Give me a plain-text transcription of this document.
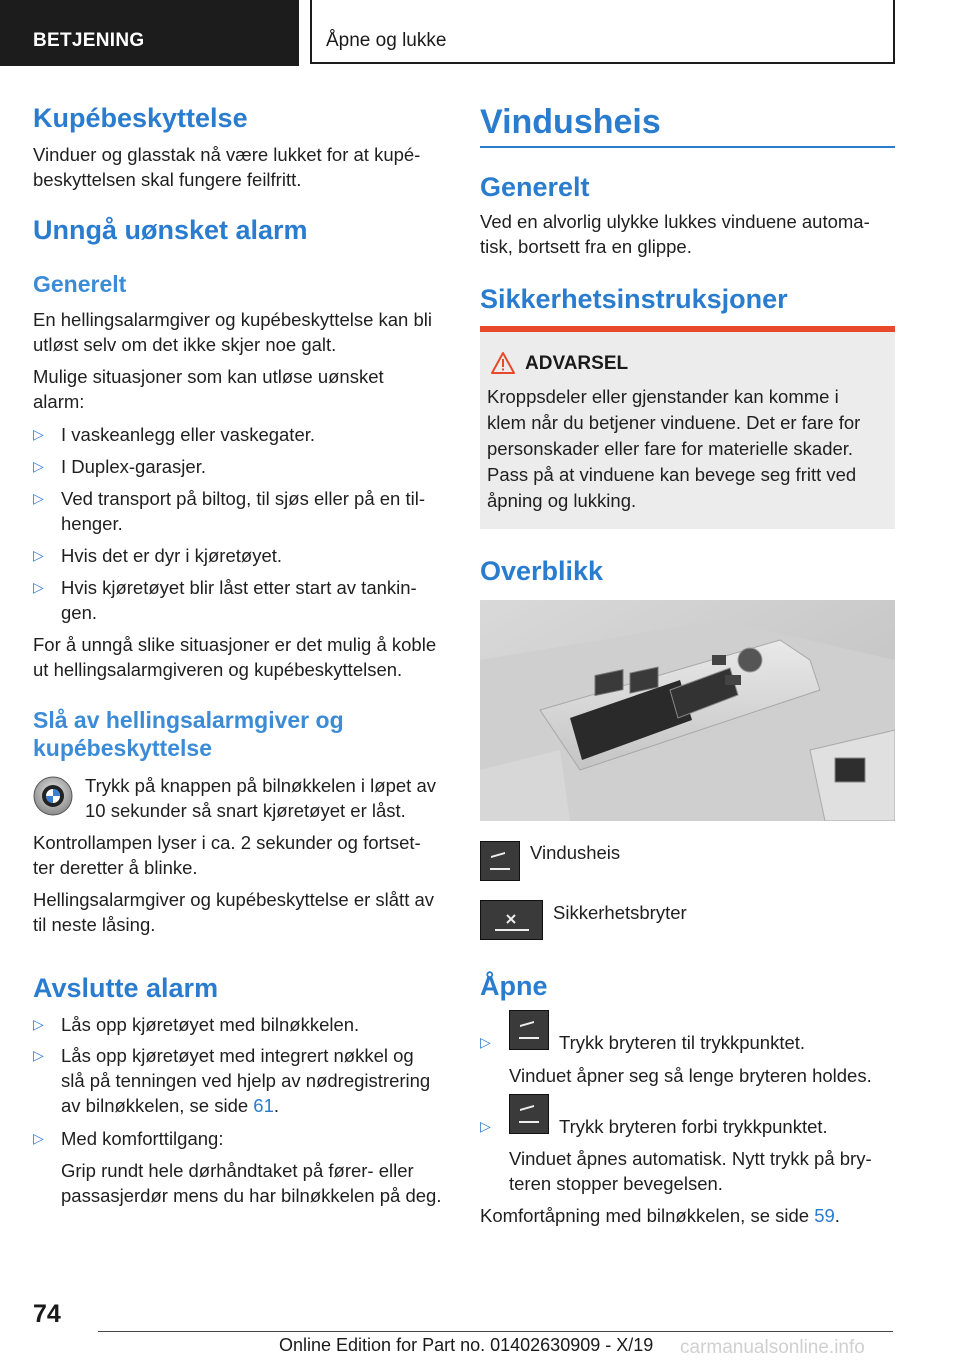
BETJENING	Åpne og lukke
Kupébeskyttelse
Vinduer og glasstak nå være lukket for at kupé-
beskyttelsen skal fungere feilfritt.
Unngå uønsket alarm
Generelt
En hellingsalarmgiver og kupébeskyttelse kan bli
utløst selv om det ikke skjer noe galt.
Mulige situasjoner som kan utløse uønsket
alarm:
▷ I vaskeanlegg eller vaskegater.
▷ I Duplex-garasjer.
▷ Ved transport på biltog, til sjøs eller på en til-
henger.
▷ Hvis det er dyr i kjøretøyet.
▷ Hvis kjøretøyet blir låst etter start av tankin-
gen.
For å unngå slike situasjoner er det mulig å koble
ut hellingsalarmgiveren og kupébeskyttelsen.
Slå av hellingsalarmgiver og
kupébeskyttelse
Trykk på knappen på bilnøkkelen i løpet av
10 sekunder så snart kjøretøyet er låst.
Kontrollampen lyser i ca. 2 sekunder og fortset-
ter deretter å blinke.
Hellingsalarmgiver og kupébeskyttelse er slått av
til neste låsing.
Avslutte alarm
▷ Lås opp kjøretøyet med bilnøkkelen.
▷ Lås opp kjøretøyet med integrert nøkkel og
slå på tenningen ved hjelp av nødregistrering
av bilnøkkelen, se side 61.
▷ Med komforttilgang:
Grip rundt hele dørhåndtaket på fører- eller
passasjerdør mens du har bilnøkkelen på deg.
Vindusheis
Generelt
Ved en alvorlig ulykke lukkes vinduene automa-
tisk, bortsett fra en glippe.
Sikkerhetsinstruksjoner
ADVARSEL
Kroppsdeler eller gjenstander kan komme i
klem når du betjener vinduene. Det er fare for
personskader eller fare for materielle skader.
Pass på at vinduene kan bevege seg fritt ved
åpning og lukking.
Overblikk
Vindusheis
Sikkerhetsbryter
Åpne
▷	Trykk bryteren til trykkpunktet.
Vinduet åpner seg så lenge bryteren holdes.
▷	Trykk bryteren forbi trykkpunktet.
Vinduet åpnes automatisk. Nytt trykk på bry-
teren stopper bevegelsen.
Komfortåpning med bilnøkkelen, se side 59.
74
Online Edition for Part no. 01402630909 - X/19 carmanualsonline.info
